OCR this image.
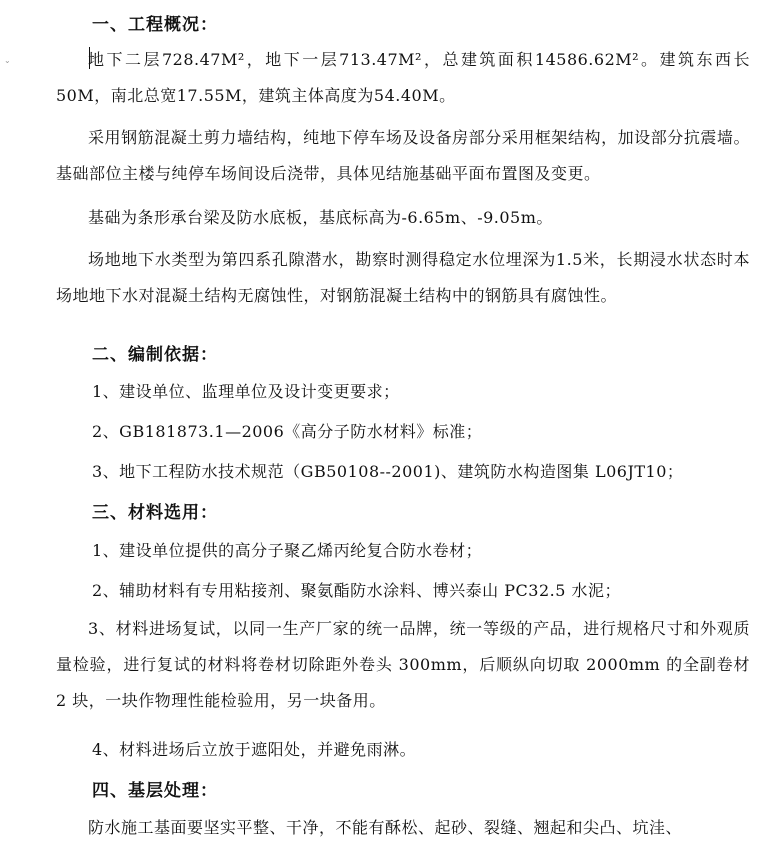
⌄
一、工程概况：
地下二层728.47M²，地下一层713.47M²，总建筑面积14586.62M²。建筑东西长50M，南北总宽17.55M，建筑主体高度为54.40M。
采用钢筋混凝土剪力墙结构，纯地下停车场及设备房部分采用框架结构，加设部分抗震墙。基础部位主楼与纯停车场间设后浇带，具体见结施基础平面布置图及变更。
基础为条形承台梁及防水底板，基底标高为-6.65m、-9.05m。
场地地下水类型为第四系孔隙潜水，勘察时测得稳定水位埋深为1.5米，长期浸水状态时本场地地下水对混凝土结构无腐蚀性，对钢筋混凝土结构中的钢筋具有腐蚀性。
二、编制依据：
1、建设单位、监理单位及设计变更要求；
2、GB181873.1—2006《高分子防水材料》标准；
3、地下工程防水技术规范（GB50108--2001)、建筑防水构造图集 L06JT10；
三、材料选用：
1、建设单位提供的高分子聚乙烯丙纶复合防水卷材；
2、辅助材料有专用粘接剂、聚氨酯防水涂料、博兴泰山 PC32.5 水泥；
3、材料进场复试，以同一生产厂家的统一品牌，统一等级的产品，进行规格尺寸和外观质量检验，进行复试的材料将卷材切除距外卷头 300mm，后顺纵向切取 2000mm 的全副卷材 2 块，一块作物理性能检验用，另一块备用。
4、材料进场后立放于遮阳处，并避免雨淋。
四、基层处理：
防水施工基面要坚实平整、干净，不能有酥松、起砂、裂缝、翘起和尖凸、坑洼、
